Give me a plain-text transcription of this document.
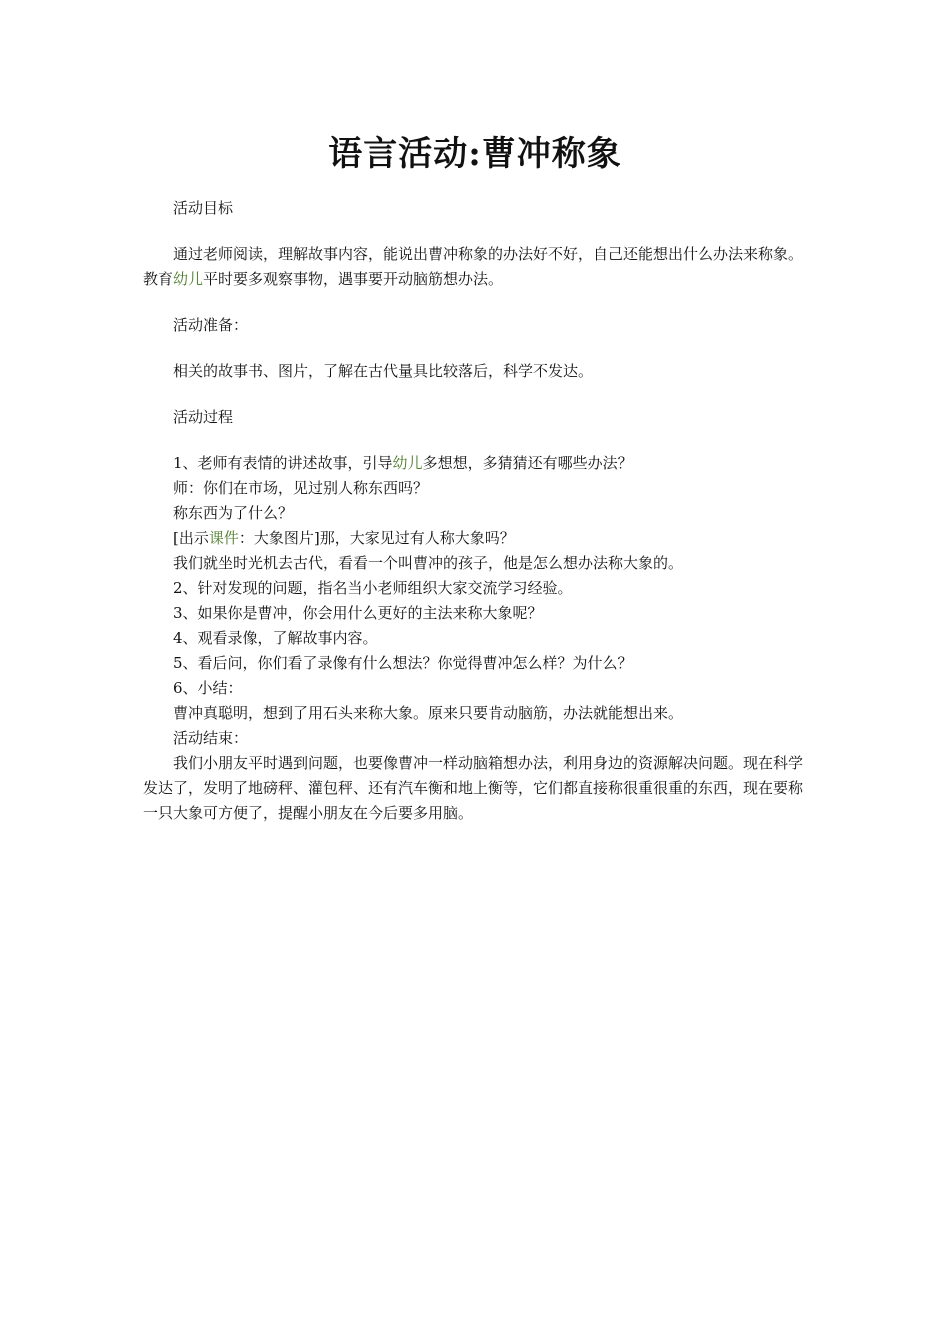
语言活动:曹冲称象

活动目标

通过老师阅读，理解故事内容，能说出曹冲称象的办法好不好，自己还能想出什么办法来称象。教育幼儿平时要多观察事物，遇事要开动脑筋想办法。

活动准备：

相关的故事书、图片，了解在古代量具比较落后，科学不发达。

活动过程

1、老师有表情的讲述故事，引导幼儿多想想，多猜猜还有哪些办法？

师：你们在市场，见过别人称东西吗？

称东西为了什么？

[出示课件：大象图片]那，大家见过有人称大象吗？

我们就坐时光机去古代，看看一个叫曹冲的孩子，他是怎么想办法称大象的。

2、针对发现的问题，指名当小老师组织大家交流学习经验。

3、如果你是曹冲，你会用什么更好的主法来称大象呢？

4、观看录像，了解故事内容。

5、看后问，你们看了录像有什么想法？你觉得曹冲怎么样？为什么？

6、小结：

曹冲真聪明，想到了用石头来称大象。原来只要肯动脑筋，办法就能想出来。

活动结束：

我们小朋友平时遇到问题，也要像曹冲一样动脑箱想办法，利用身边的资源解决问题。现在科学发达了，发明了地磅秤、灌包秤、还有汽车衡和地上衡等，它们都直接称很重很重的东西，现在要称一只大象可方便了，提醒小朋友在今后要多用脑。
